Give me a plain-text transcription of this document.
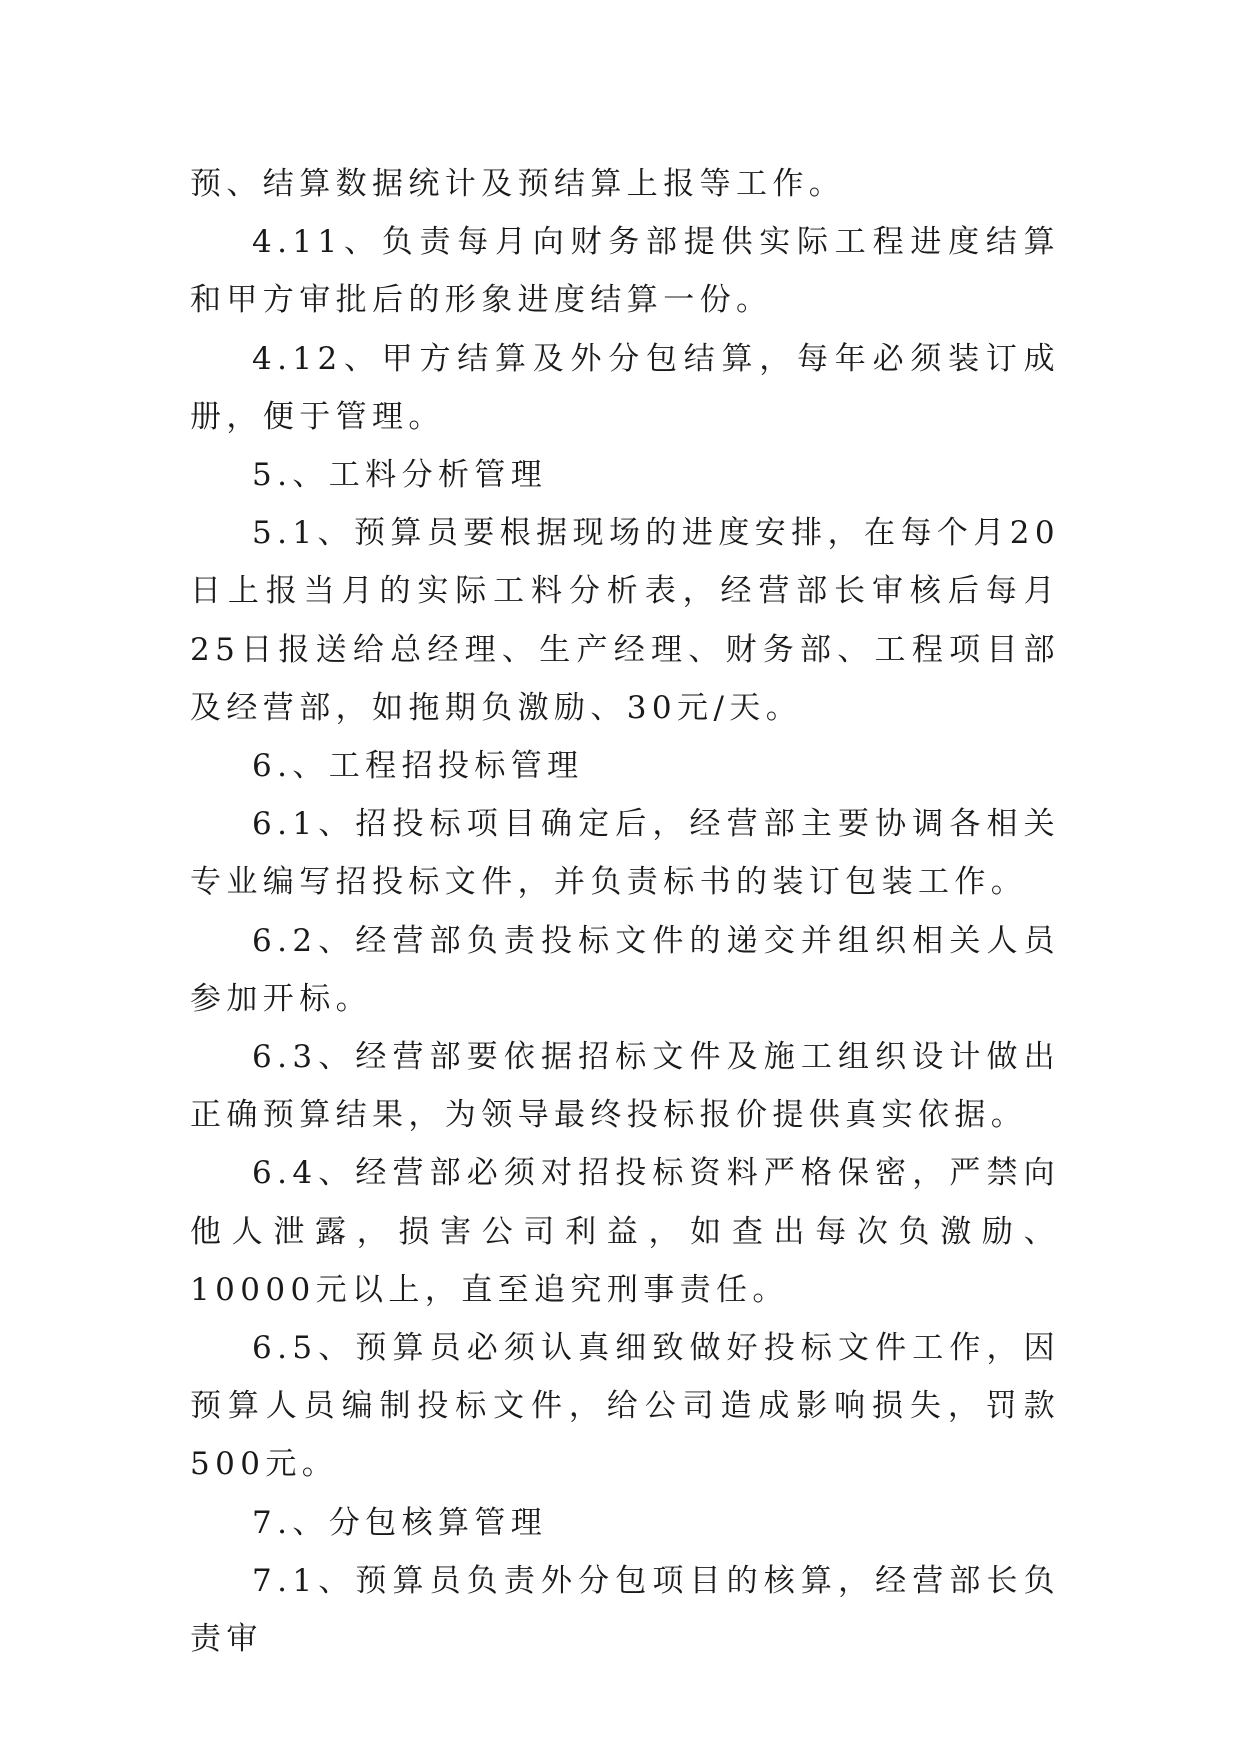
预、结算数据统计及预结算上报等工作。

4.11、负责每月向财务部提供实际工程进度结算和甲方审批后的形象进度结算一份。

4.12、甲方结算及外分包结算，每年必须装订成册，便于管理。

5.、工料分析管理

5.1、预算员要根据现场的进度安排，在每个月20日上报当月的实际工料分析表，经营部长审核后每月25日报送给总经理、生产经理、财务部、工程项目部及经营部，如拖期负激励、30元/天。

6.、工程招投标管理

6.1、招投标项目确定后，经营部主要协调各相关专业编写招投标文件，并负责标书的装订包装工作。

6.2、经营部负责投标文件的递交并组织相关人员参加开标。

6.3、经营部要依据招标文件及施工组织设计做出正确预算结果，为领导最终投标报价提供真实依据。

6.4、经营部必须对招投标资料严格保密，严禁向他人泄露，损害公司利益，如查出每次负激励、10000元以上，直至追究刑事责任。

6.5、预算员必须认真细致做好投标文件工作，因预算人员编制投标文件，给公司造成影响损失，罚款500元。

7.、分包核算管理

7.1、预算员负责外分包项目的核算，经营部长负责审
